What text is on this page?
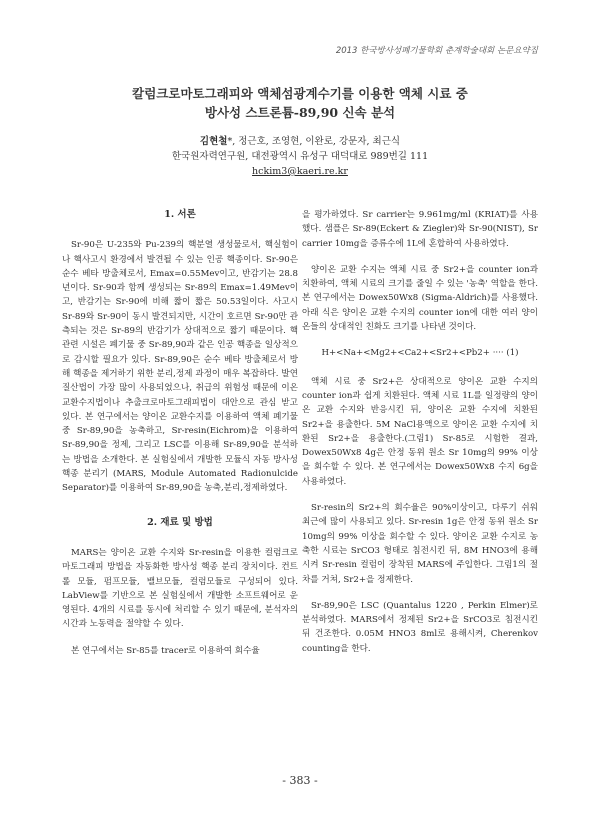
2013 한국방사성폐기물학회 춘계학술대회 논문요약집
칼럼크로마토그래피와 액체섬광계수기를 이용한 액체 시료 중
방사성 스트론튬-89,90 신속 분석
김현철*, 정근호, 조영현, 이완로, 강문자, 최근식
한국원자력연구원, 대전광역시 유성구 대덕대로 989번길 111
hckim3@kaeri.re.kr
1. 서론

Sr-90은 U-235와 Pu-239의 핵분열 생성물로서, 핵실험이나 핵사고시 환경에서 발견될 수 있는 인공 핵종이다. Sr-90은 순수 베타 방출체로서, Emax=0.55Mev이고, 반감기는 28.8년이다. Sr-90과 함께 생성되는 Sr-89의 Emax=1.49Mev이고, 반감기는 Sr-90에 비해 짧이 짧은 50.53일이다. 사고시 Sr-89와 Sr-90이 동시 발견되지만, 시간이 호르면 Sr-90만 관측되는 것은 Sr-89의 반감기가 상대적으로 짧기 때문이다. 핵관련 시설은 폐기물 중 Sr-89,90과 같은 인공 핵종을 일상적으로 감시할 필요가 있다. Sr-89,90은 순수 베타 방출체로서 방해 핵종을 제거하기 위한 분리,정제 과정이 매우 복잡하다. 발연질산법이 가장 많이 사용되었으나, 취급의 위험성 때문에 이온교환수지법이나 추출크로마토그래피법이 대안으로 관심 받고 있다. 본 연구에서는 양이온 교환수지를 이용하여 액체 폐기물 중 Sr-89,90을 농축하고, Sr-resin(Eichrom)을 이용하여 Sr-89,90을 정제, 그리고 LSC를 이용해 Sr-89,90을 분석하는 방법을 소개한다. 본 실험실에서 개발한 모듈식 자동 방사성핵종 분리기 (MARS, Module Automated Radionulcide Separator)를 이용하여 Sr-89,90을 농축,분리,정제하였다.

2. 재료 및 방법

MARS는 양이온 교환 수지와 Sr-resin을 이용한 컬럼크로마토그래피 방법을 자동화한 방사성 핵종 분리 장치이다. 컨트롤 모듈, 펌프모듈, 밸브모듈, 컬럼모듈로 구성되어 있다. LabView를 기반으로 본 실험실에서 개발한 소프트웨어로 운영된다. 4개의 시료를 동시에 처리할 수 있기 때문에, 분석자의 시간과 노동력을 절약할 수 있다.

본 연구에서는 Sr-85를 tracer로 이용하여 회수율

을 평가하였다. Sr carrier는 9.961mg/ml (KRIAT)를 사용했다. 샘플은 Sr-89(Eckert & Ziegler)와 Sr-90(NIST), Sr carrier 10mg을 증류수에 1L에 혼합하여 사용하였다.

양이온 교환 수지는 액체 시료 중 Sr2+을 counter ion과 치환하여, 액체 시료의 크기를 줄일 수 있는 '농축' 역할을 한다. 본 연구에서는 Dowex50Wx8 (Sigma-Aldrich)를 사용했다. 아래 식은 양이온 교환 수지의 counter ion에 대한 여러 양이온들의 상대적인 친화도 크기를 나타낸 것이다.

H+<Na+<Mg2+<Ca2+<Sr2+<Pb2+ ···· (1)

액체 시료 중 Sr2+은 상대적으로 양이온 교환 수지의 counter ion과 쉽게 치환된다. 액체 시료 1L를 일정량의 양이온 교환 수지와 반응시킨 뒤, 양이온 교환 수지에 치환된 Sr2+을 용출한다. 5M NaCl용액으로 양이온 교환 수지에 치환된 Sr2+을 용출한다.(그림1) Sr-85로 시험한 결과, Dowex50Wx8 4g은 안정 동위 원소 Sr 10mg의 99% 이상을 회수할 수 있다. 본 연구에서는 Dowex50Wx8 수지 6g을 사용하였다.

Sr-resin의 Sr2+의 회수율은 90%이상이고, 다루기 쉬워 최근에 많이 사용되고 있다. Sr-resin 1g은 안정 동위 원소 Sr 10mg의 99% 이상을 회수할 수 있다. 양이온 교환 수지로 농축한 시료는 SrCO3 형태로 침전시킨 뒤, 8M HNO3에 용해시켜 Sr-resin 컬럼이 장착된 MARS에 주입한다. 그림1의 절차를 거쳐, Sr2+을 정제한다.

Sr-89,90은 LSC (Quantalus 1220 , Perkin Elmer)로 분석하였다. MARS에서 정제된 Sr2+을 SrCO3로 침전시킨 뒤 건조한다. 0.05M HNO3 8ml로 용해시켜, Cherenkov counting을 한다.

- 383 -
